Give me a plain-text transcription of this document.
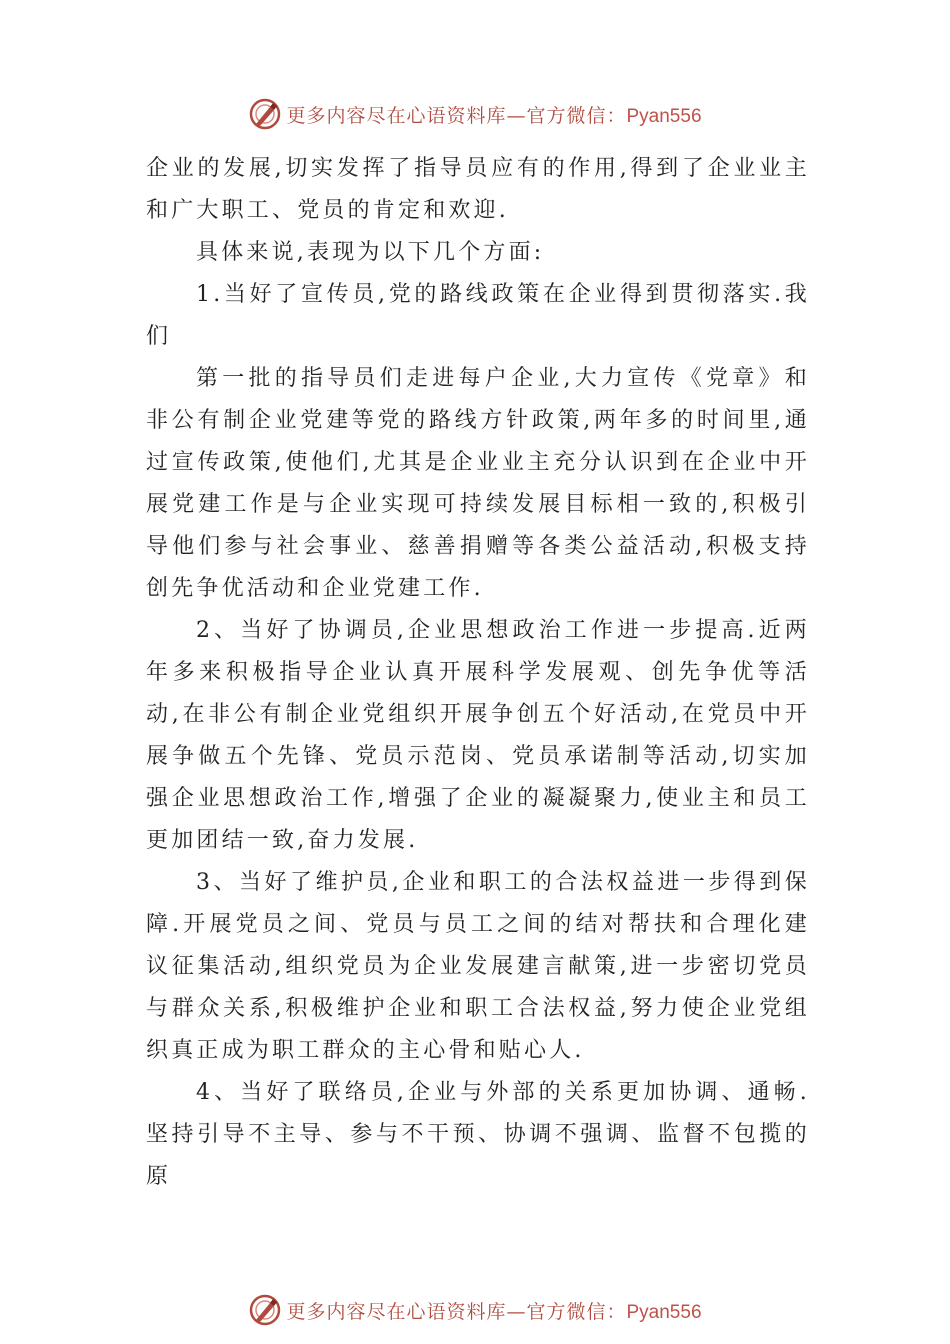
更多内容尽在心语资料库—官方微信：Pyan556

企业的发展,切实发挥了指导员应有的作用,得到了企业业主和广大职工、党员的肯定和欢迎.

具体来说,表现为以下几个方面:

1.当好了宣传员,党的路线政策在企业得到贯彻落实.我们

第一批的指导员们走进每户企业,大力宣传《党章》和非公有制企业党建等党的路线方针政策,两年多的时间里,通过宣传政策,使他们,尤其是企业业主充分认识到在企业中开展党建工作是与企业实现可持续发展目标相一致的,积极引导他们参与社会事业、慈善捐赠等各类公益活动,积极支持创先争优活动和企业党建工作.

2、当好了协调员,企业思想政治工作进一步提高.近两年多来积极指导企业认真开展科学发展观、创先争优等活动,在非公有制企业党组织开展争创五个好活动,在党员中开展争做五个先锋、党员示范岗、党员承诺制等活动,切实加强企业思想政治工作,增强了企业的凝凝聚力,使业主和员工更加团结一致,奋力发展.

3、当好了维护员,企业和职工的合法权益进一步得到保障.开展党员之间、党员与员工之间的结对帮扶和合理化建议征集活动,组织党员为企业发展建言献策,进一步密切党员与群众关系,积极维护企业和职工合法权益,努力使企业党组织真正成为职工群众的主心骨和贴心人.

4、当好了联络员,企业与外部的关系更加协调、通畅.坚持引导不主导、参与不干预、协调不强调、监督不包揽的原

更多内容尽在心语资料库—官方微信：Pyan556
